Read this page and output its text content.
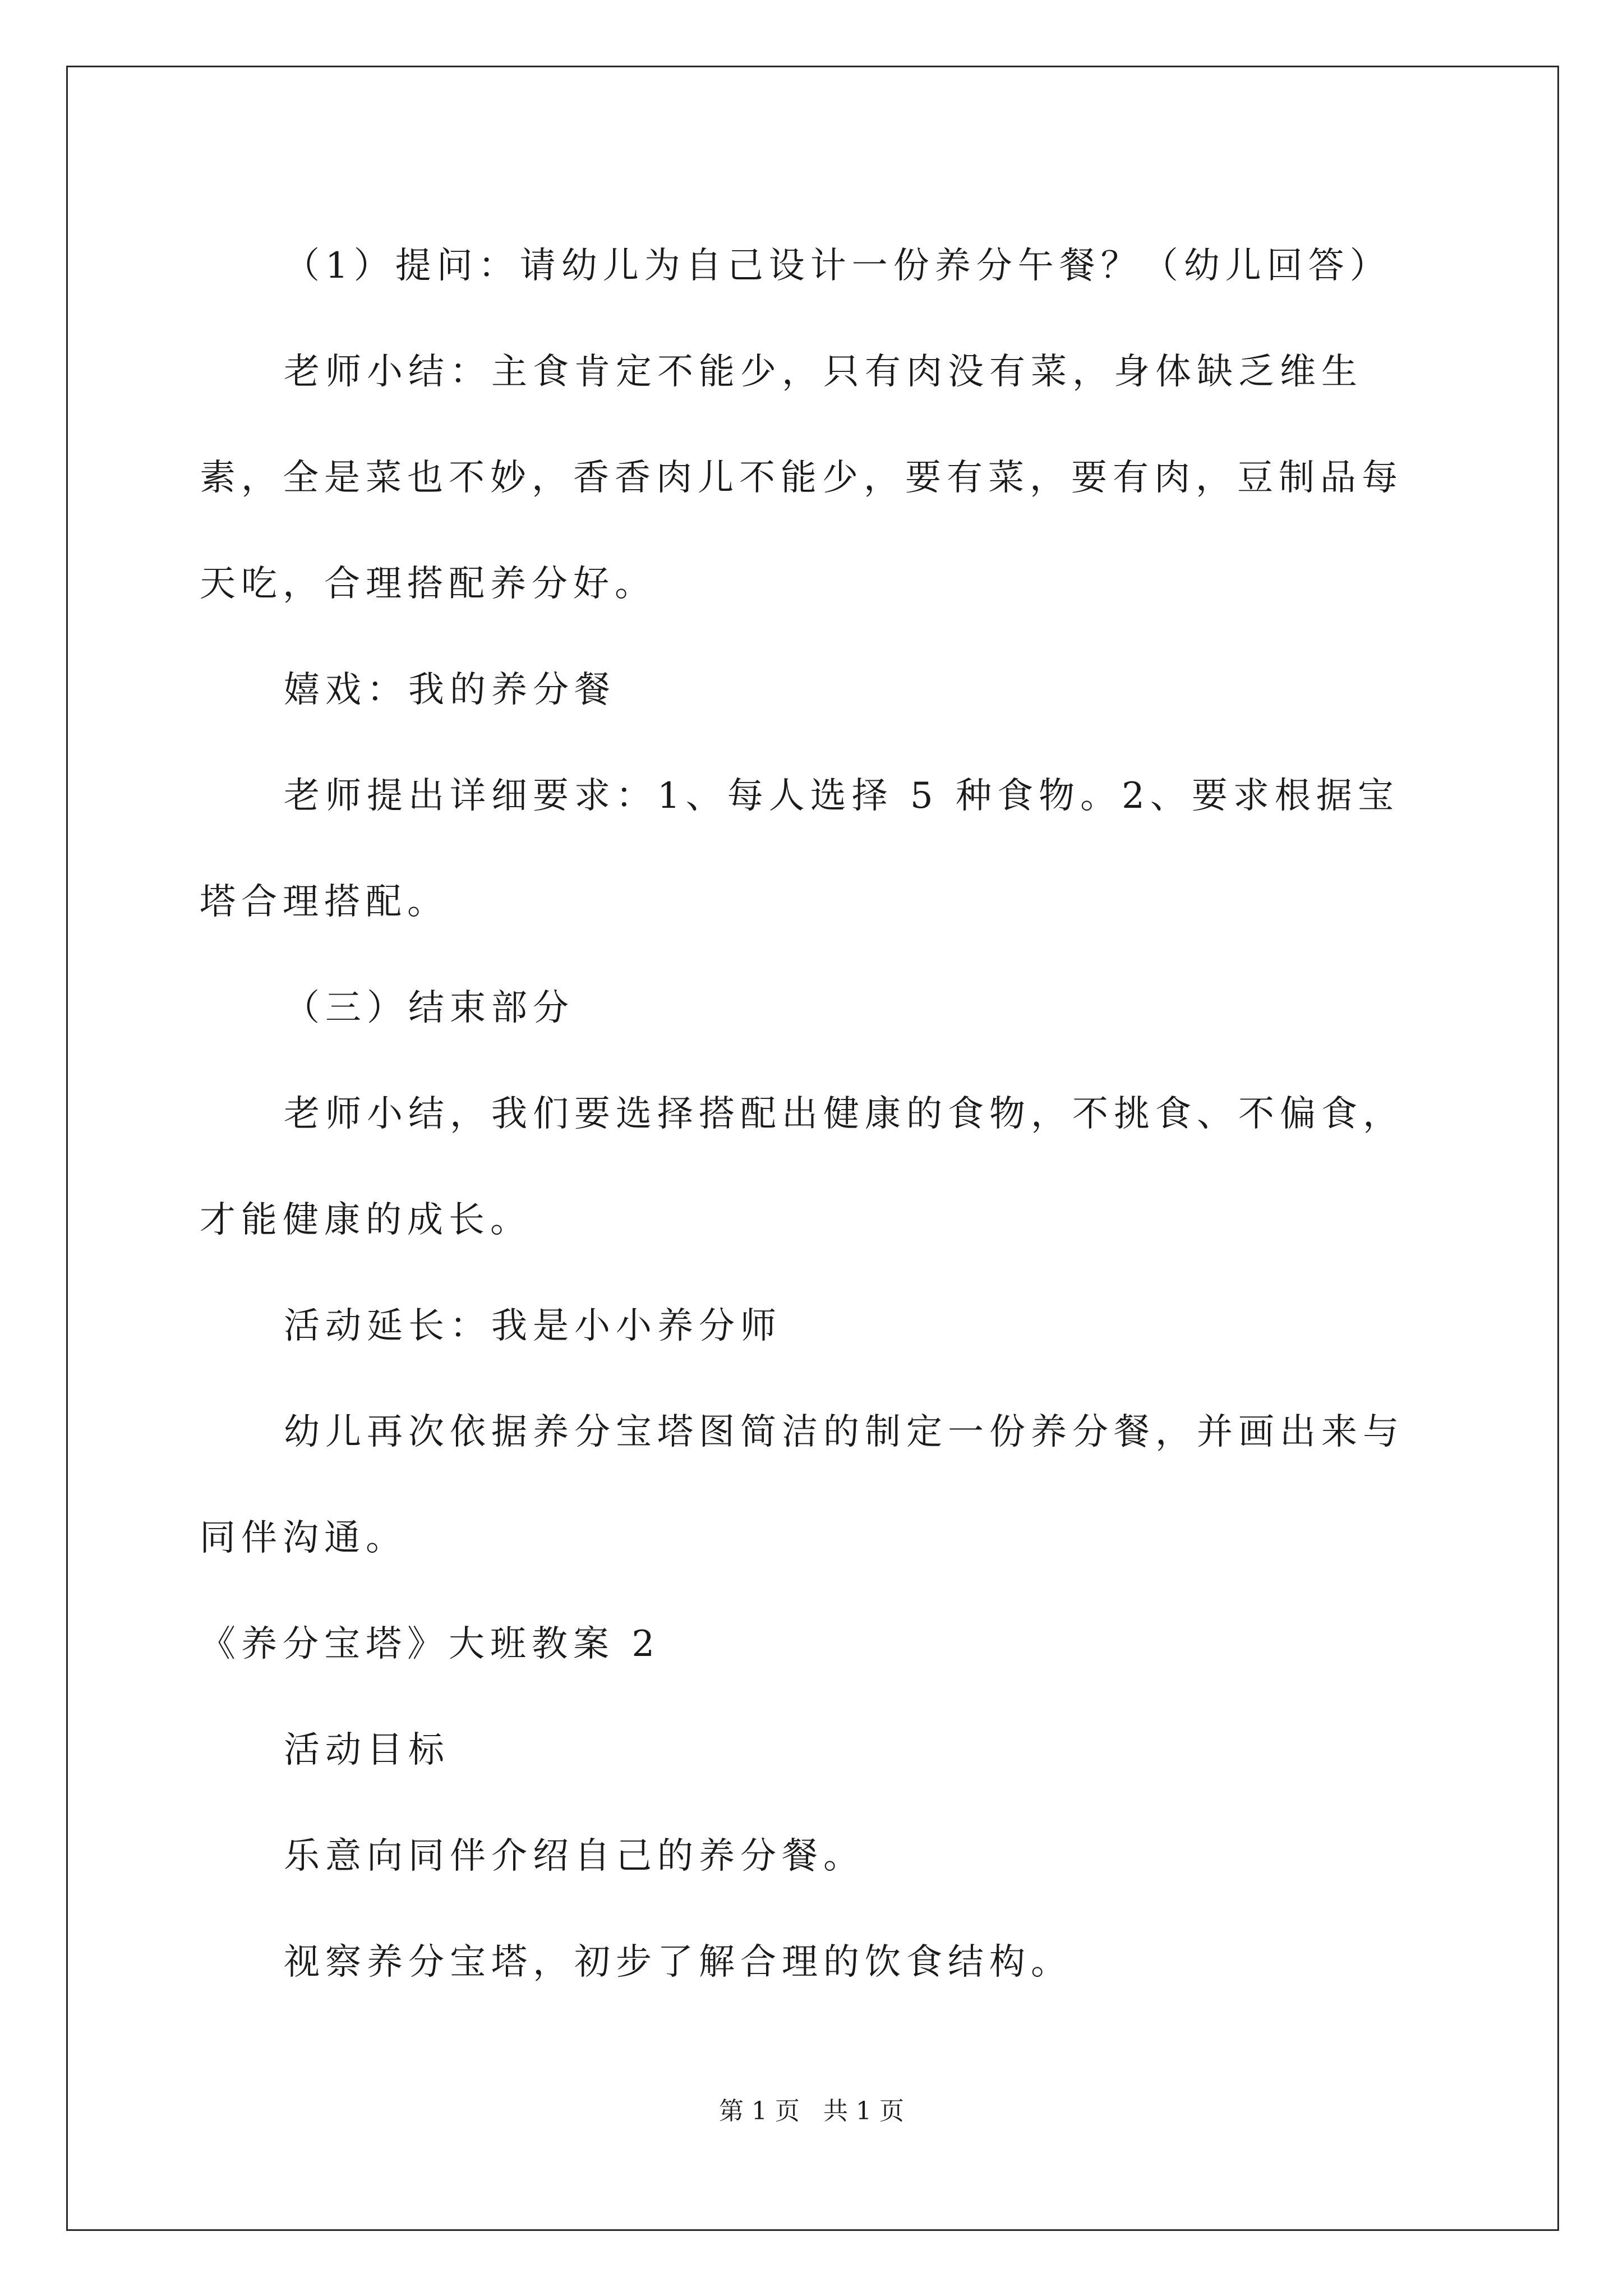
（1）提问：请幼儿为自己设计一份养分午餐？（幼儿回答）

老师小结：主食肯定不能少，只有肉没有菜，身体缺乏维生素，全是菜也不妙，香香肉儿不能少，要有菜，要有肉，豆制品每天吃，合理搭配养分好。

嬉戏：我的养分餐

老师提出详细要求：1、每人选择 5 种食物。2、要求根据宝塔合理搭配。

（三）结束部分

老师小结，我们要选择搭配出健康的食物，不挑食、不偏食，才能健康的成长。

活动延长：我是小小养分师

幼儿再次依据养分宝塔图简洁的制定一份养分餐，并画出来与同伴沟通。

《养分宝塔》大班教案 2

活动目标

乐意向同伴介绍自己的养分餐。

视察养分宝塔，初步了解合理的饮食结构。

第 1 页   共 1 页
